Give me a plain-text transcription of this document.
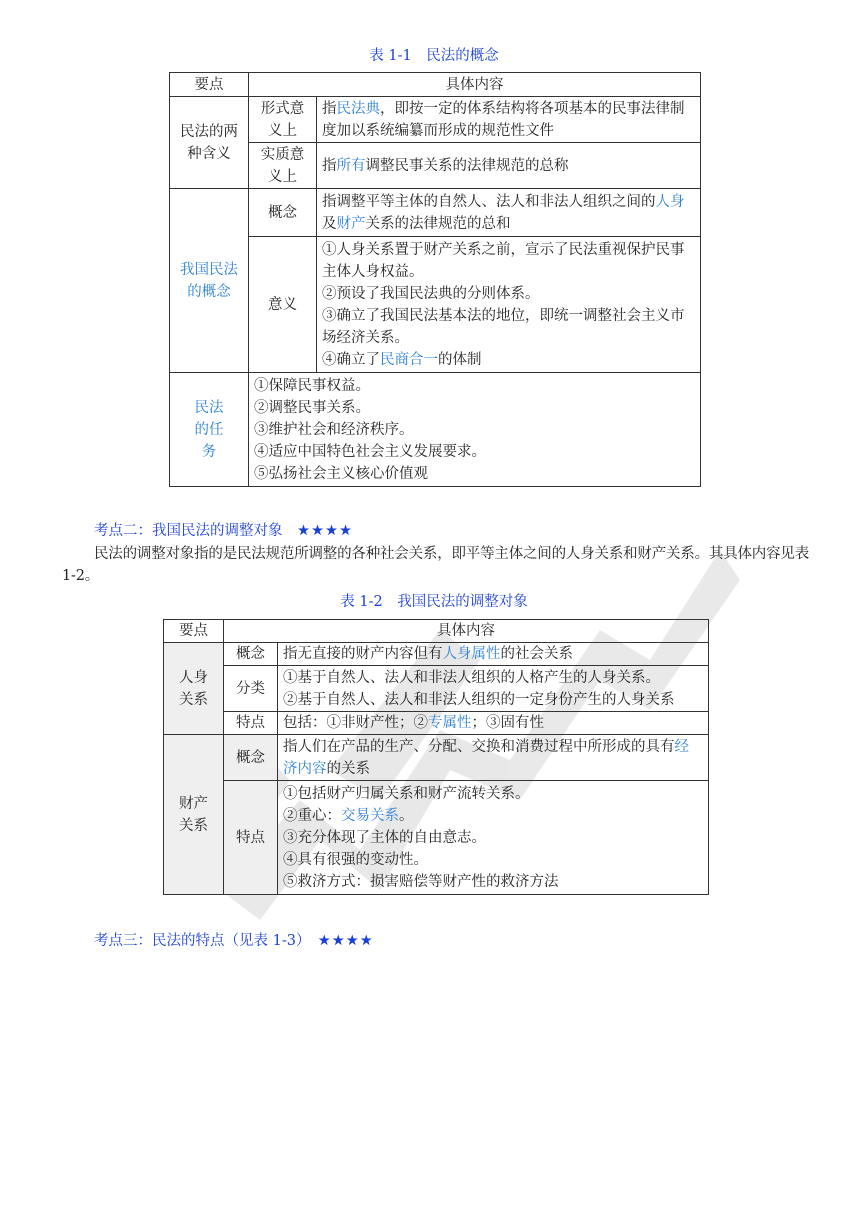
表 1-1　民法的概念
要点	具体内容	
民法的两种含义	形式意义上	指民法典，即按一定的体系结构将各项基本的民事法律制度加以系统编纂而形成的规范性文件
	实质意义上	指所有调整民事关系的法律规范的总称
我国民法的概念	概念	指调整平等主体的自然人、法人和非法人组织之间的人身及财产关系的法律规范的总和
	意义	①人身关系置于财产关系之前，宣示了民法重视保护民事主体人身权益。
②预设了我国民法典的分则体系。
③确立了我国民法基本法的地位，即统一调整社会主义市场经济关系。
④确立了民商合一的体制

民法的任务	①保障民事权益。
②调整民事关系。
③维护社会和经济秩序。
④适应中国特色社会主义发展要求。
⑤弘扬社会主义核心价值观	
考点二：我国民法的调整对象　 ★★★★
民法的调整对象指的是民法规范所调整的各种社会关系，即平等主体之间的人身关系和财产关系。其具体内容见表 1-2。
表 1-2　我国民法的调整对象
要点	具体内容	
人身关系	概念	指无直接的财产内容但有人身属性的社会关系
	分类	①基于自然人、法人和非法人组织的人格产生的人身关系。
②基于自然人、法人和非法人组织的一定身份产生的人身关系

	特点	包括：①非财产性；②专属性；③固有性
财产关系	概念	指人们在产品的生产、分配、交换和消费过程中所形成的具有经济内容的关系
	特点	①包括财产归属关系和财产流转关系。
②重心：交易关系。
③充分体现了主体的自由意志。
④具有很强的变动性。
⑤救济方式：损害赔偿等财产性的救济方法
考点三：民法的特点（见表 1-3）　 ★★★★
